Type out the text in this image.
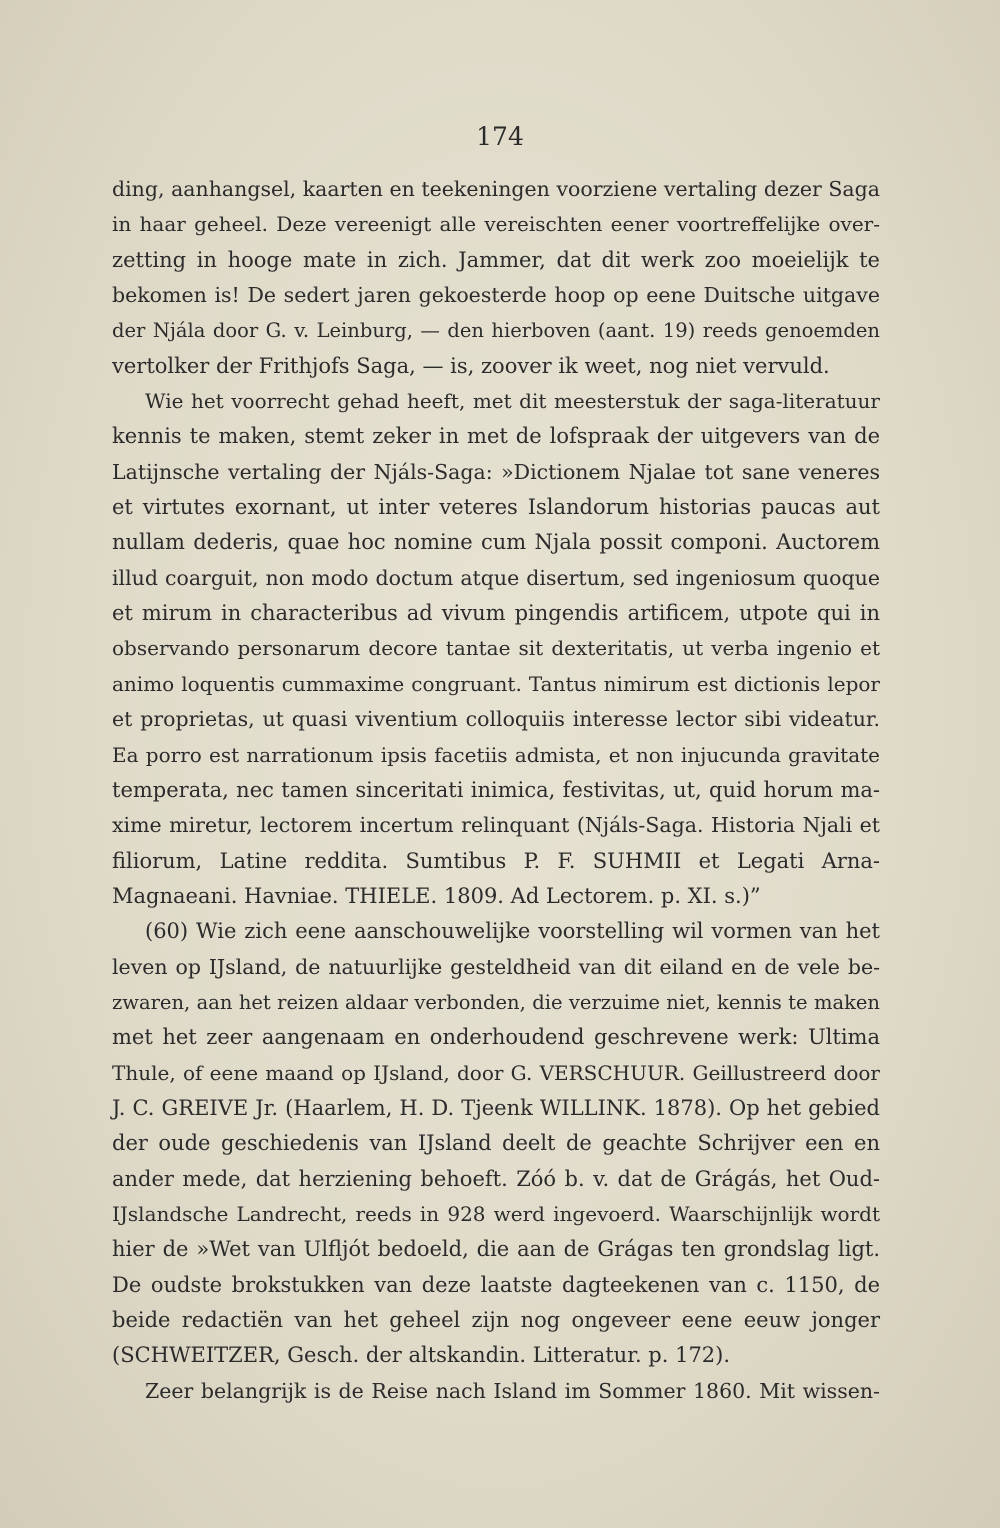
174
ding, aanhangsel, kaarten en teekeningen voorziene vertaling dezer Saga
in haar geheel. Deze vereenigt alle vereischten eener voortreffelijke over-
zetting in hooge mate in zich. Jammer, dat dit werk zoo moeielijk te
bekomen is! De sedert jaren gekoesterde hoop op eene Duitsche uitgave
der Njála door G. v. Leinburg, — den hierboven (aant. 19) reeds genoemden
vertolker der Frithjofs Saga, — is, zoover ik weet, nog niet vervuld.
Wie het voorrecht gehad heeft, met dit meesterstuk der saga-literatuur
kennis te maken, stemt zeker in met de lofspraak der uitgevers van de
Latijnsche vertaling der Njáls-Saga: »Dictionem Njalae tot sane veneres
et virtutes exornant, ut inter veteres Islandorum historias paucas aut
nullam dederis, quae hoc nomine cum Njala possit componi. Auctorem
illud coarguit, non modo doctum atque disertum, sed ingeniosum quoque
et mirum in characteribus ad vivum pingendis artificem, utpote qui in
observando personarum decore tantae sit dexteritatis, ut verba ingenio et
animo loquentis cummaxime congruant. Tantus nimirum est dictionis lepor
et proprietas, ut quasi viventium colloquiis interesse lector sibi videatur.
Ea porro est narrationum ipsis facetiis admista, et non injucunda gravitate
temperata, nec tamen sinceritati inimica, festivitas, ut, quid horum ma-
xime miretur, lectorem incertum relinquant (Njáls-Saga. Historia Njali et
filiorum, Latine reddita. Sumtibus P. F. SUHMII et Legati Arna-
Magnaeani. Havniae. THIELE. 1809. Ad Lectorem. p. XI. s.)”
(60) Wie zich eene aanschouwelijke voorstelling wil vormen van het
leven op IJsland, de natuurlijke gesteldheid van dit eiland en de vele be-
zwaren, aan het reizen aldaar verbonden, die verzuime niet, kennis te maken
met het zeer aangenaam en onderhoudend geschrevene werk: Ultima
Thule, of eene maand op IJsland, door G. VERSCHUUR. Geillustreerd door
J. C. GREIVE Jr. (Haarlem, H. D. Tjeenk WILLINK. 1878). Op het gebied
der oude geschiedenis van IJsland deelt de geachte Schrijver een en
ander mede, dat herziening behoeft. Zóó b. v. dat de Grágás, het Oud-
IJslandsche Landrecht, reeds in 928 werd ingevoerd. Waarschijnlijk wordt
hier de »Wet van Ulfljót bedoeld, die aan de Grágas ten grondslag ligt.
De oudste brokstukken van deze laatste dagteekenen van c. 1150, de
beide redactiën van het geheel zijn nog ongeveer eene eeuw jonger
(SCHWEITZER, Gesch. der altskandin. Litteratur. p. 172).
Zeer belangrijk is de Reise nach Island im Sommer 1860. Mit wissen-
